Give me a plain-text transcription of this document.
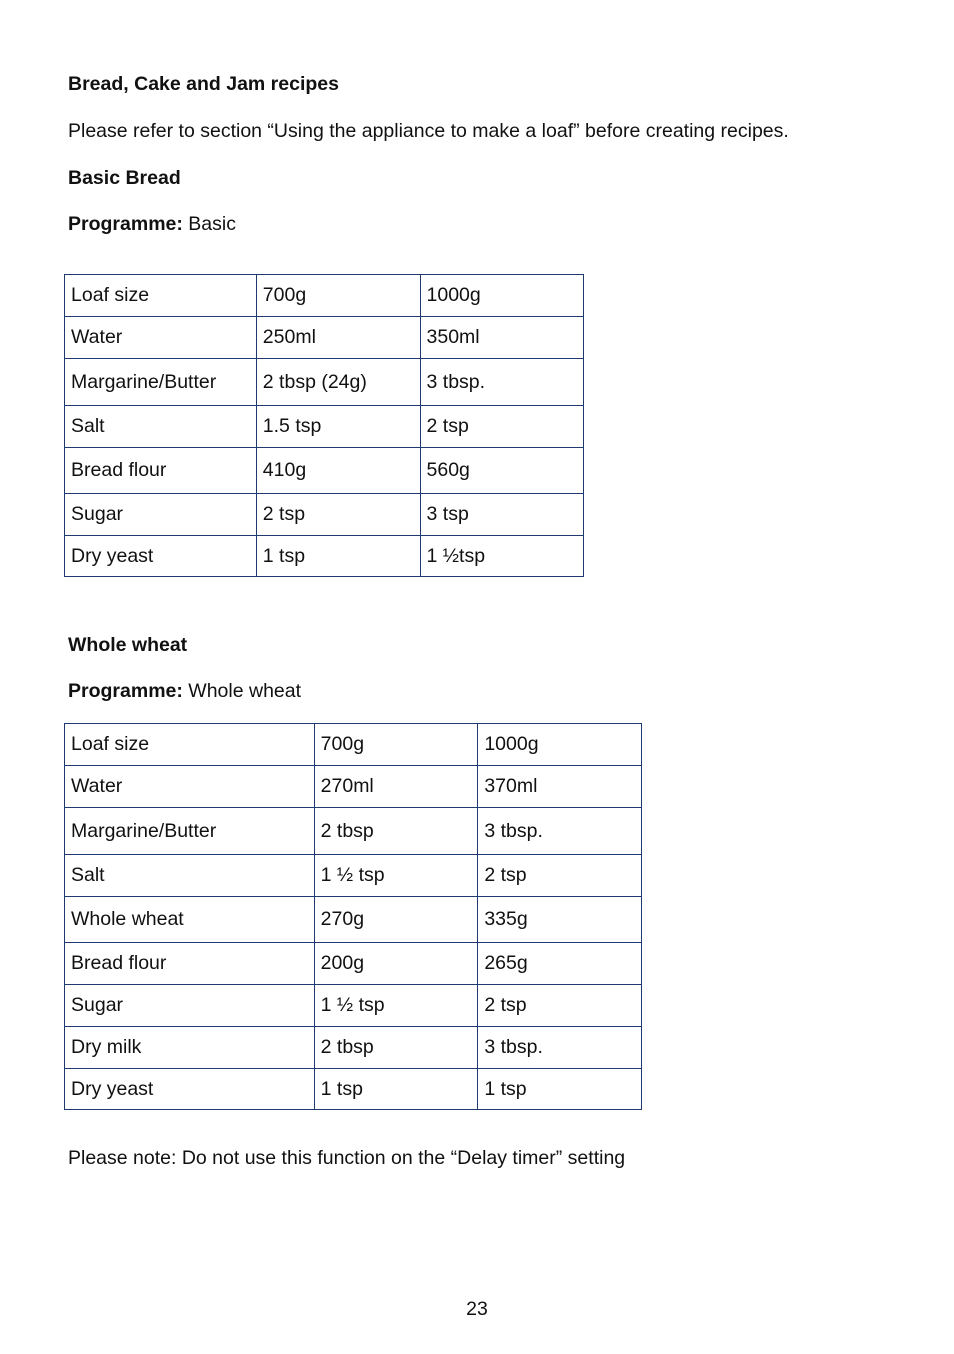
Bread, Cake and Jam recipes
Please refer to section “Using the appliance to make a loaf” before creating recipes.
Basic Bread
Programme: Basic
Loaf size	700g	1000g
Water	250ml	350ml
Margarine/Butter	2 tbsp (24g)	3 tbsp.
Salt	1.5 tsp	2 tsp
Bread flour	410g	560g
Sugar	2 tsp	3 tsp
Dry yeast	1 tsp	1 ½tsp
Whole wheat
Programme: Whole wheat
Loaf size	700g	1000g
Water	270ml	370ml
Margarine/Butter	2 tbsp	3 tbsp.
Salt	1 ½ tsp	2 tsp
Whole wheat	270g	335g
Bread flour	200g	265g
Sugar	1 ½ tsp	2 tsp
Dry milk	2 tbsp	3 tbsp.
Dry yeast	1 tsp	1 tsp
Please note: Do not use this function on the “Delay timer” setting
23
